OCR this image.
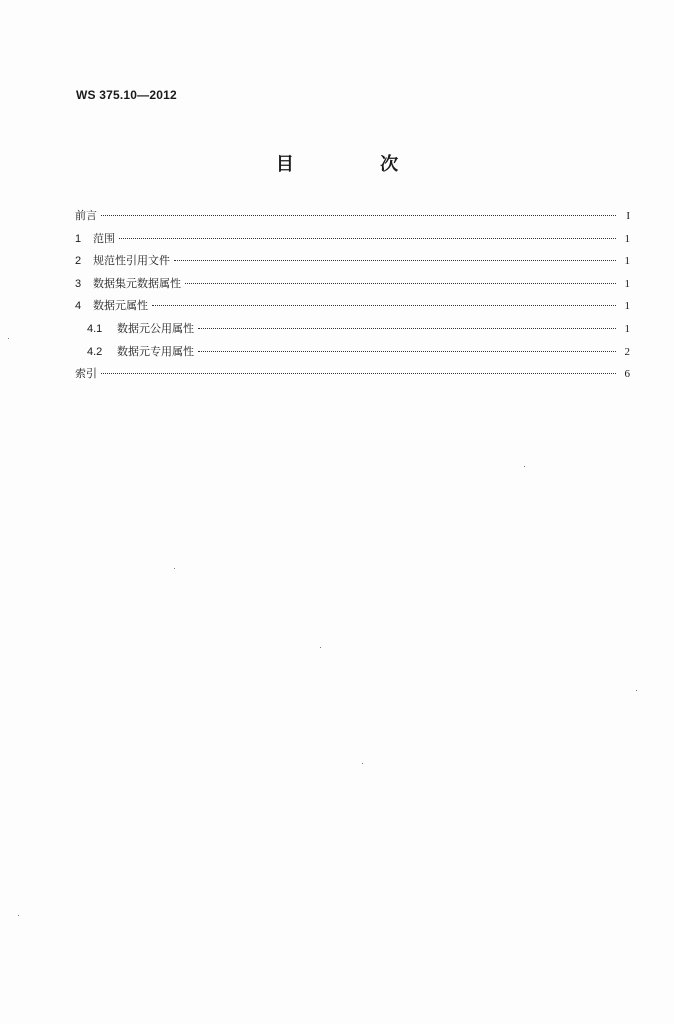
WS 375.10—2012
目 次
前言	I
1	范围	1
2	规范性引用文件	1
3	数据集元数据属性	1
4	数据元属性	1
4.1	数据元公用属性	1
4.2	数据元专用属性	2
索引	6
